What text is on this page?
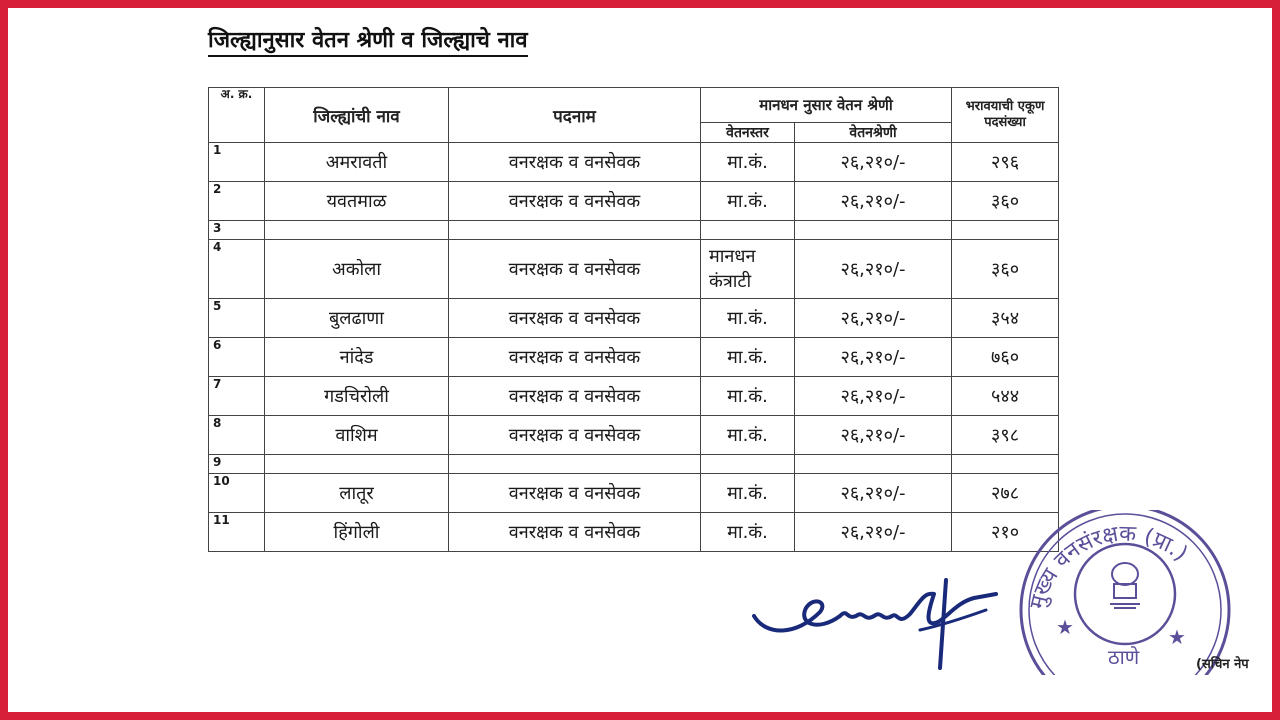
जिल्ह्यानुसार वेतन श्रेणी व जिल्ह्याचे नाव
अ. क्र.	जिल्ह्यांची नाव	पदनाम	मानधन नुसार वेतन श्रेणी		भरावयाची एकूण पदसंख्या
			वेतनस्तर	वेतनश्रेणी	
1	अमरावती	वनरक्षक व वनसेवक	मा.कं.	२६,२१०/-	२९६
2	यवतमाळ	वनरक्षक व वनसेवक	मा.कं.	२६,२१०/-	३६०
3					
4	अकोला	वनरक्षक व वनसेवक	मानधन कंत्राटी	२६,२१०/-	३६०
5	बुलढाणा	वनरक्षक व वनसेवक	मा.कं.	२६,२१०/-	३५४
6	नांदेड	वनरक्षक व वनसेवक	मा.कं.	२६,२१०/-	७६०
7	गडचिरोली	वनरक्षक व वनसेवक	मा.कं.	२६,२१०/-	५४४
8	वाशिम	वनरक्षक व वनसेवक	मा.कं.	२६,२१०/-	३९८
9					
10	लातूर	वनरक्षक व वनसेवक	मा.कं.	२६,२१०/-	२७८
11	हिंगोली	वनरक्षक व वनसेवक	मा.कं.	२६,२१०/-	२१०
मुख्य वनसंरक्षक (प्रा.)
★	★
ठाणे	(सचिन नेप
